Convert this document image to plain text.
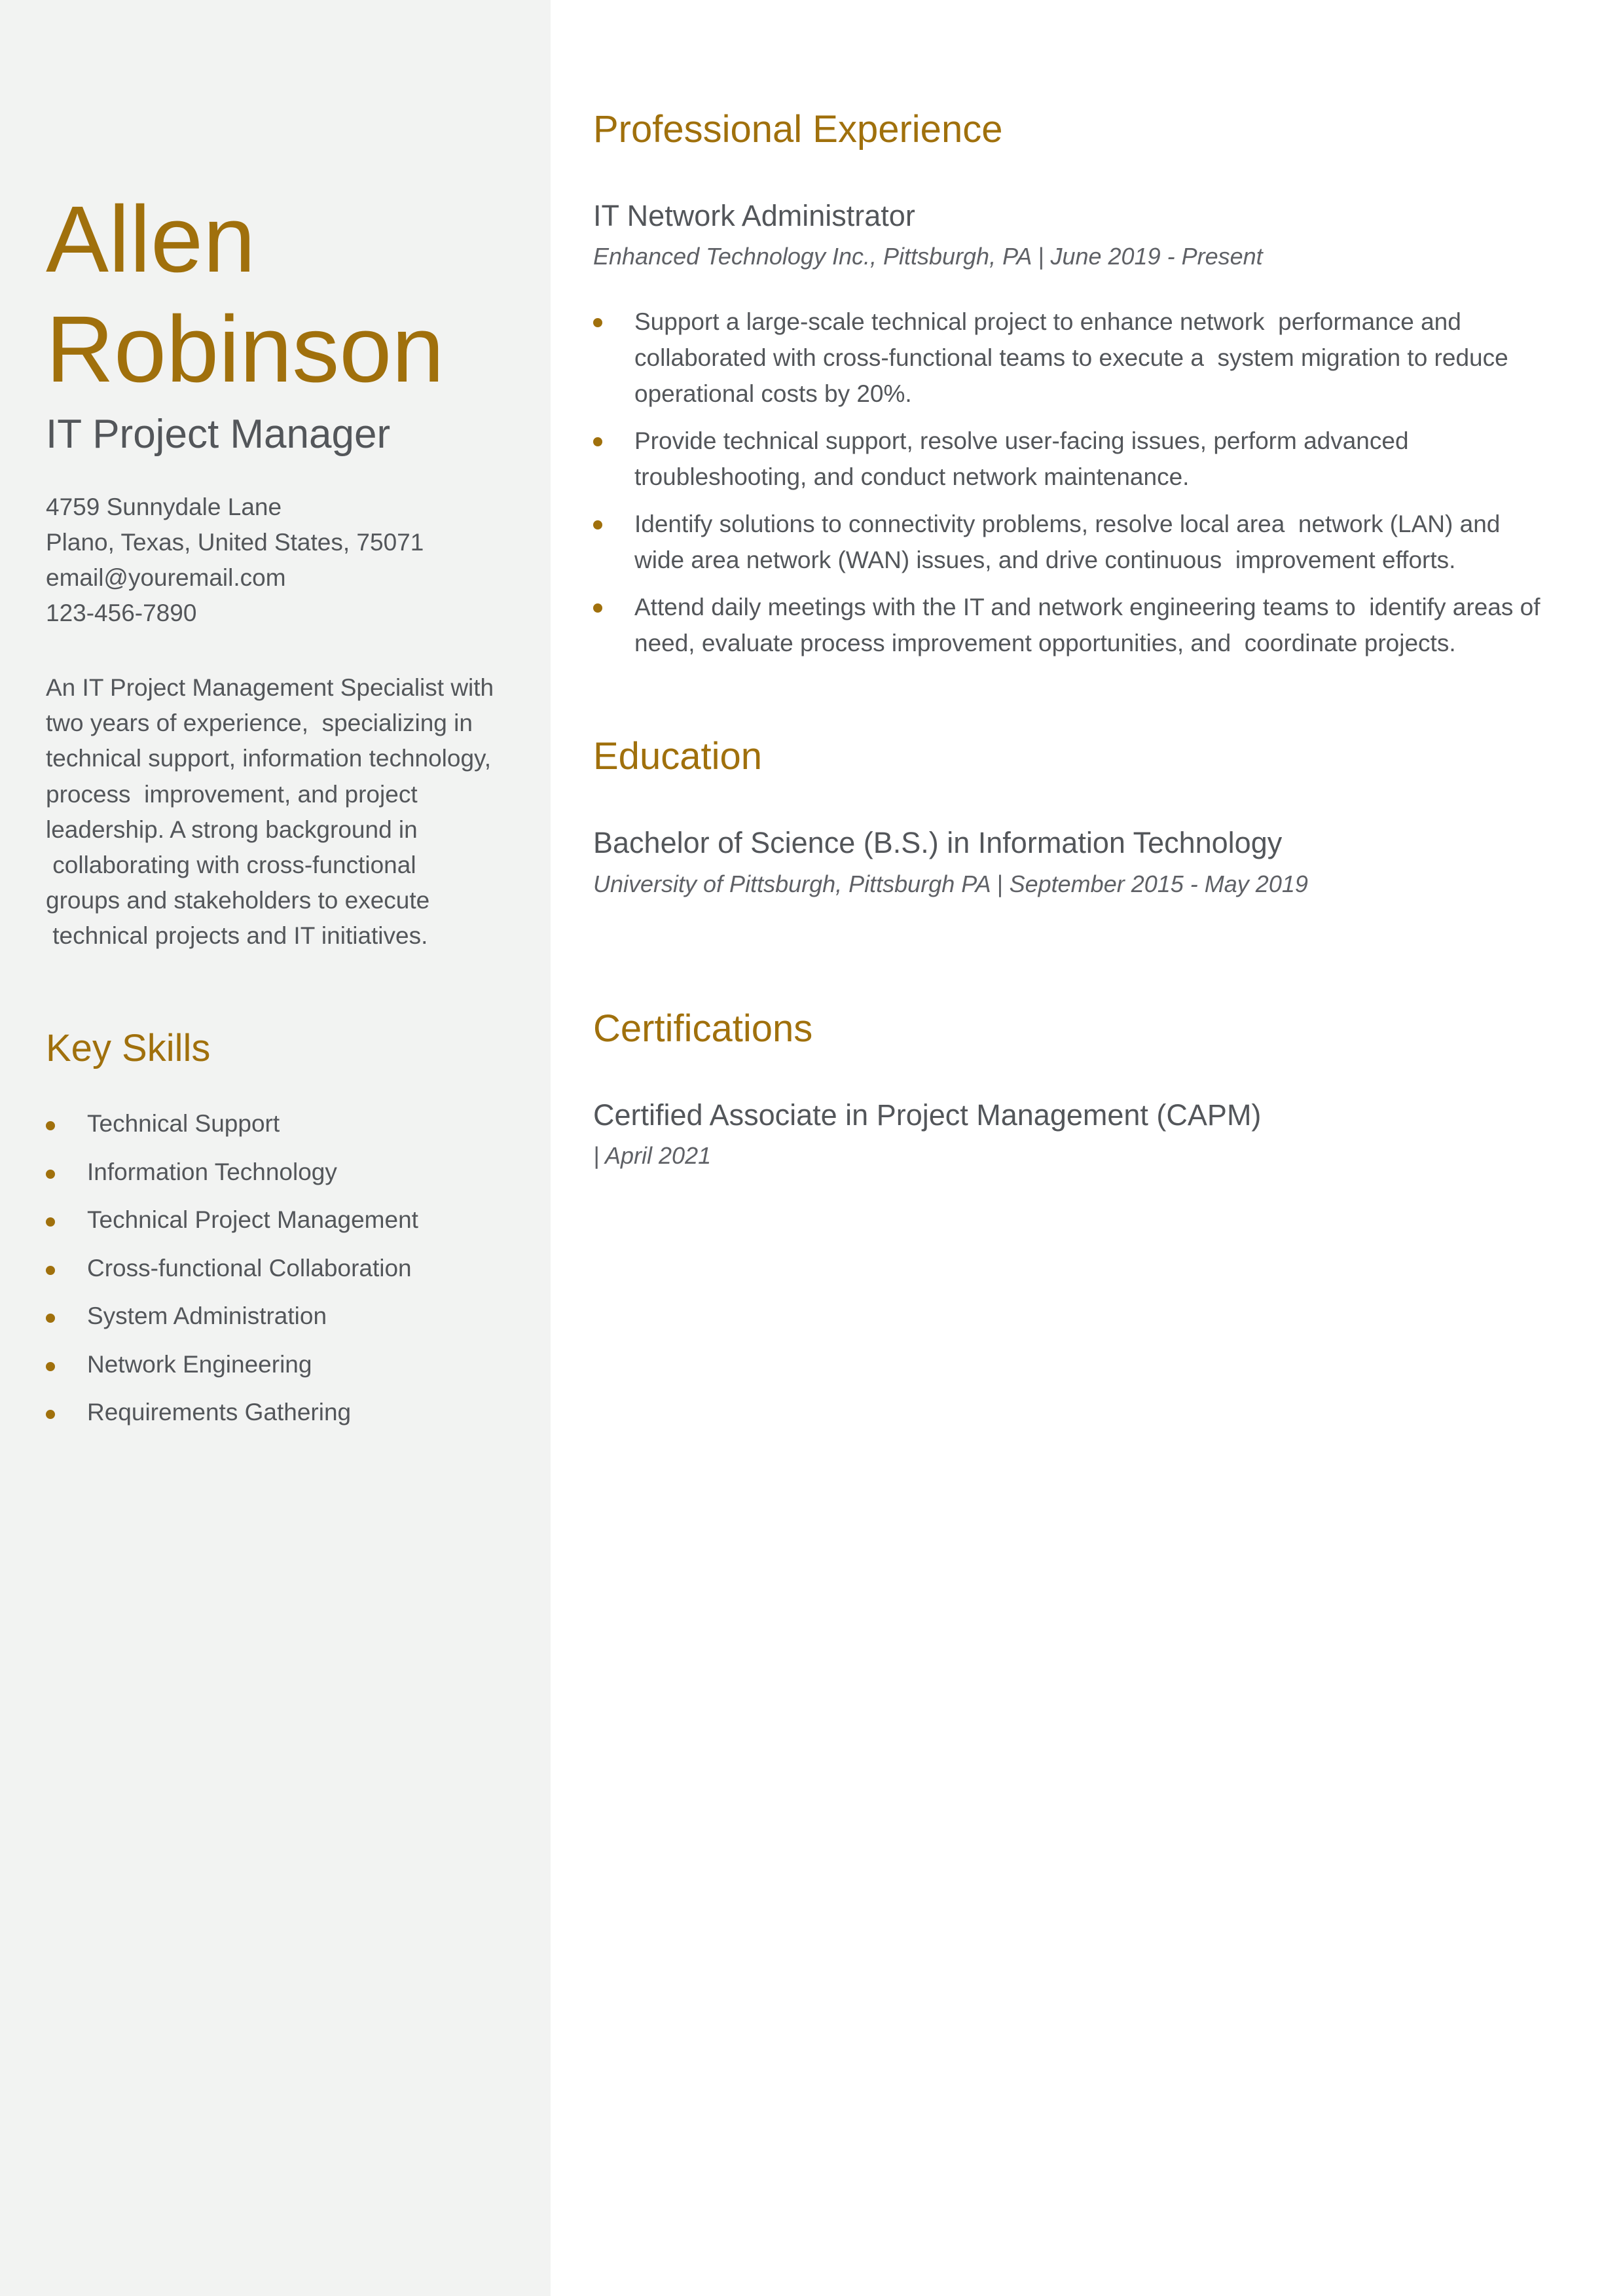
Allen
Robinson
IT Project Manager
4759 Sunnydale Lane
Plano, Texas, United States, 75071
email@youremail.com
123-456-7890
An IT Project Management Specialist with
two years of experience,  specializing in
technical support, information technology,
process  improvement, and project
leadership. A strong background in
collaborating with cross-functional
groups and stakeholders to execute
technical projects and IT initiatives.
Key Skills
Technical Support
Information Technology
Technical Project Management
Cross-functional Collaboration
System Administration
Network Engineering
Requirements Gathering
Professional Experience
IT Network Administrator
Enhanced Technology Inc., Pittsburgh, PA | June 2019 - Present
Support a large-scale technical project to enhance network  performance and
collaborated with cross-functional teams to execute a  system migration to reduce
operational costs by 20%.
Provide technical support, resolve user-facing issues, perform advanced
troubleshooting, and conduct network maintenance.
Identify solutions to connectivity problems, resolve local area  network (LAN) and
wide area network (WAN) issues, and drive continuous  improvement efforts.
Attend daily meetings with the IT and network engineering teams to  identify areas of
need, evaluate process improvement opportunities, and  coordinate projects.
Education
Bachelor of Science (B.S.) in Information Technology
University of Pittsburgh, Pittsburgh PA | September 2015 - May 2019
Certifications
Certified Associate in Project Management (CAPM)
| April 2021
